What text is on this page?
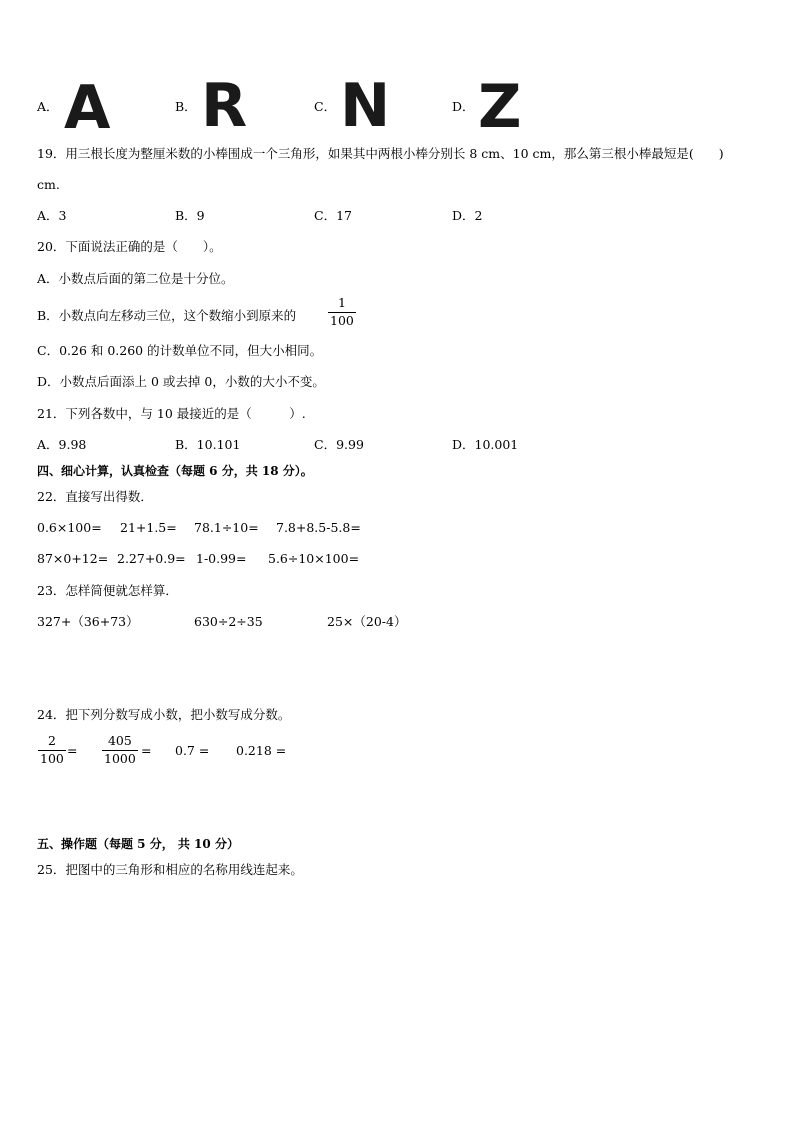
A． A	B． R	C． N	D． Z
19．用三根长度为整厘米数的小棒围成一个三角形，如果其中两根小棒分别长 8 cm、10 cm，那么第三根小棒最短是(　　)
cm.
A．3	B．9	C．17	D．2
20．下面说法正确的是（　　）。
A．小数点后面的第二位是十分位。
B．小数点向左移动三位，这个数缩小到原来的
1
100
C．0.26 和 0.260 的计数单位不同，但大小相同。
D．小数点后面添上 0 或去掉 0，小数的大小不变。
21．下列各数中，与 10 最接近的是（　　　）.
A．9.98	B．10.101	C．9.99	D．10.001
四、细心计算，认真检查（每题 6 分，共 18 分）。
22．直接写出得数．
0.6×100= 21+1.5= 78.1÷10= 7.8+8.5-5.8=
87×0+12= 2.27+0.9= 1-0.99= 5.6÷10×100=
23．怎样简便就怎样算．
327+（36+73）	630÷2÷35	25×（20-4）
24．把下列分数写成小数，把小数写成分数。
2
100 =
405
1000 = 0.7 = 0.218 =
五、操作题（每题 5 分， 共 10 分）
25．把图中的三角形和相应的名称用线连起来。
